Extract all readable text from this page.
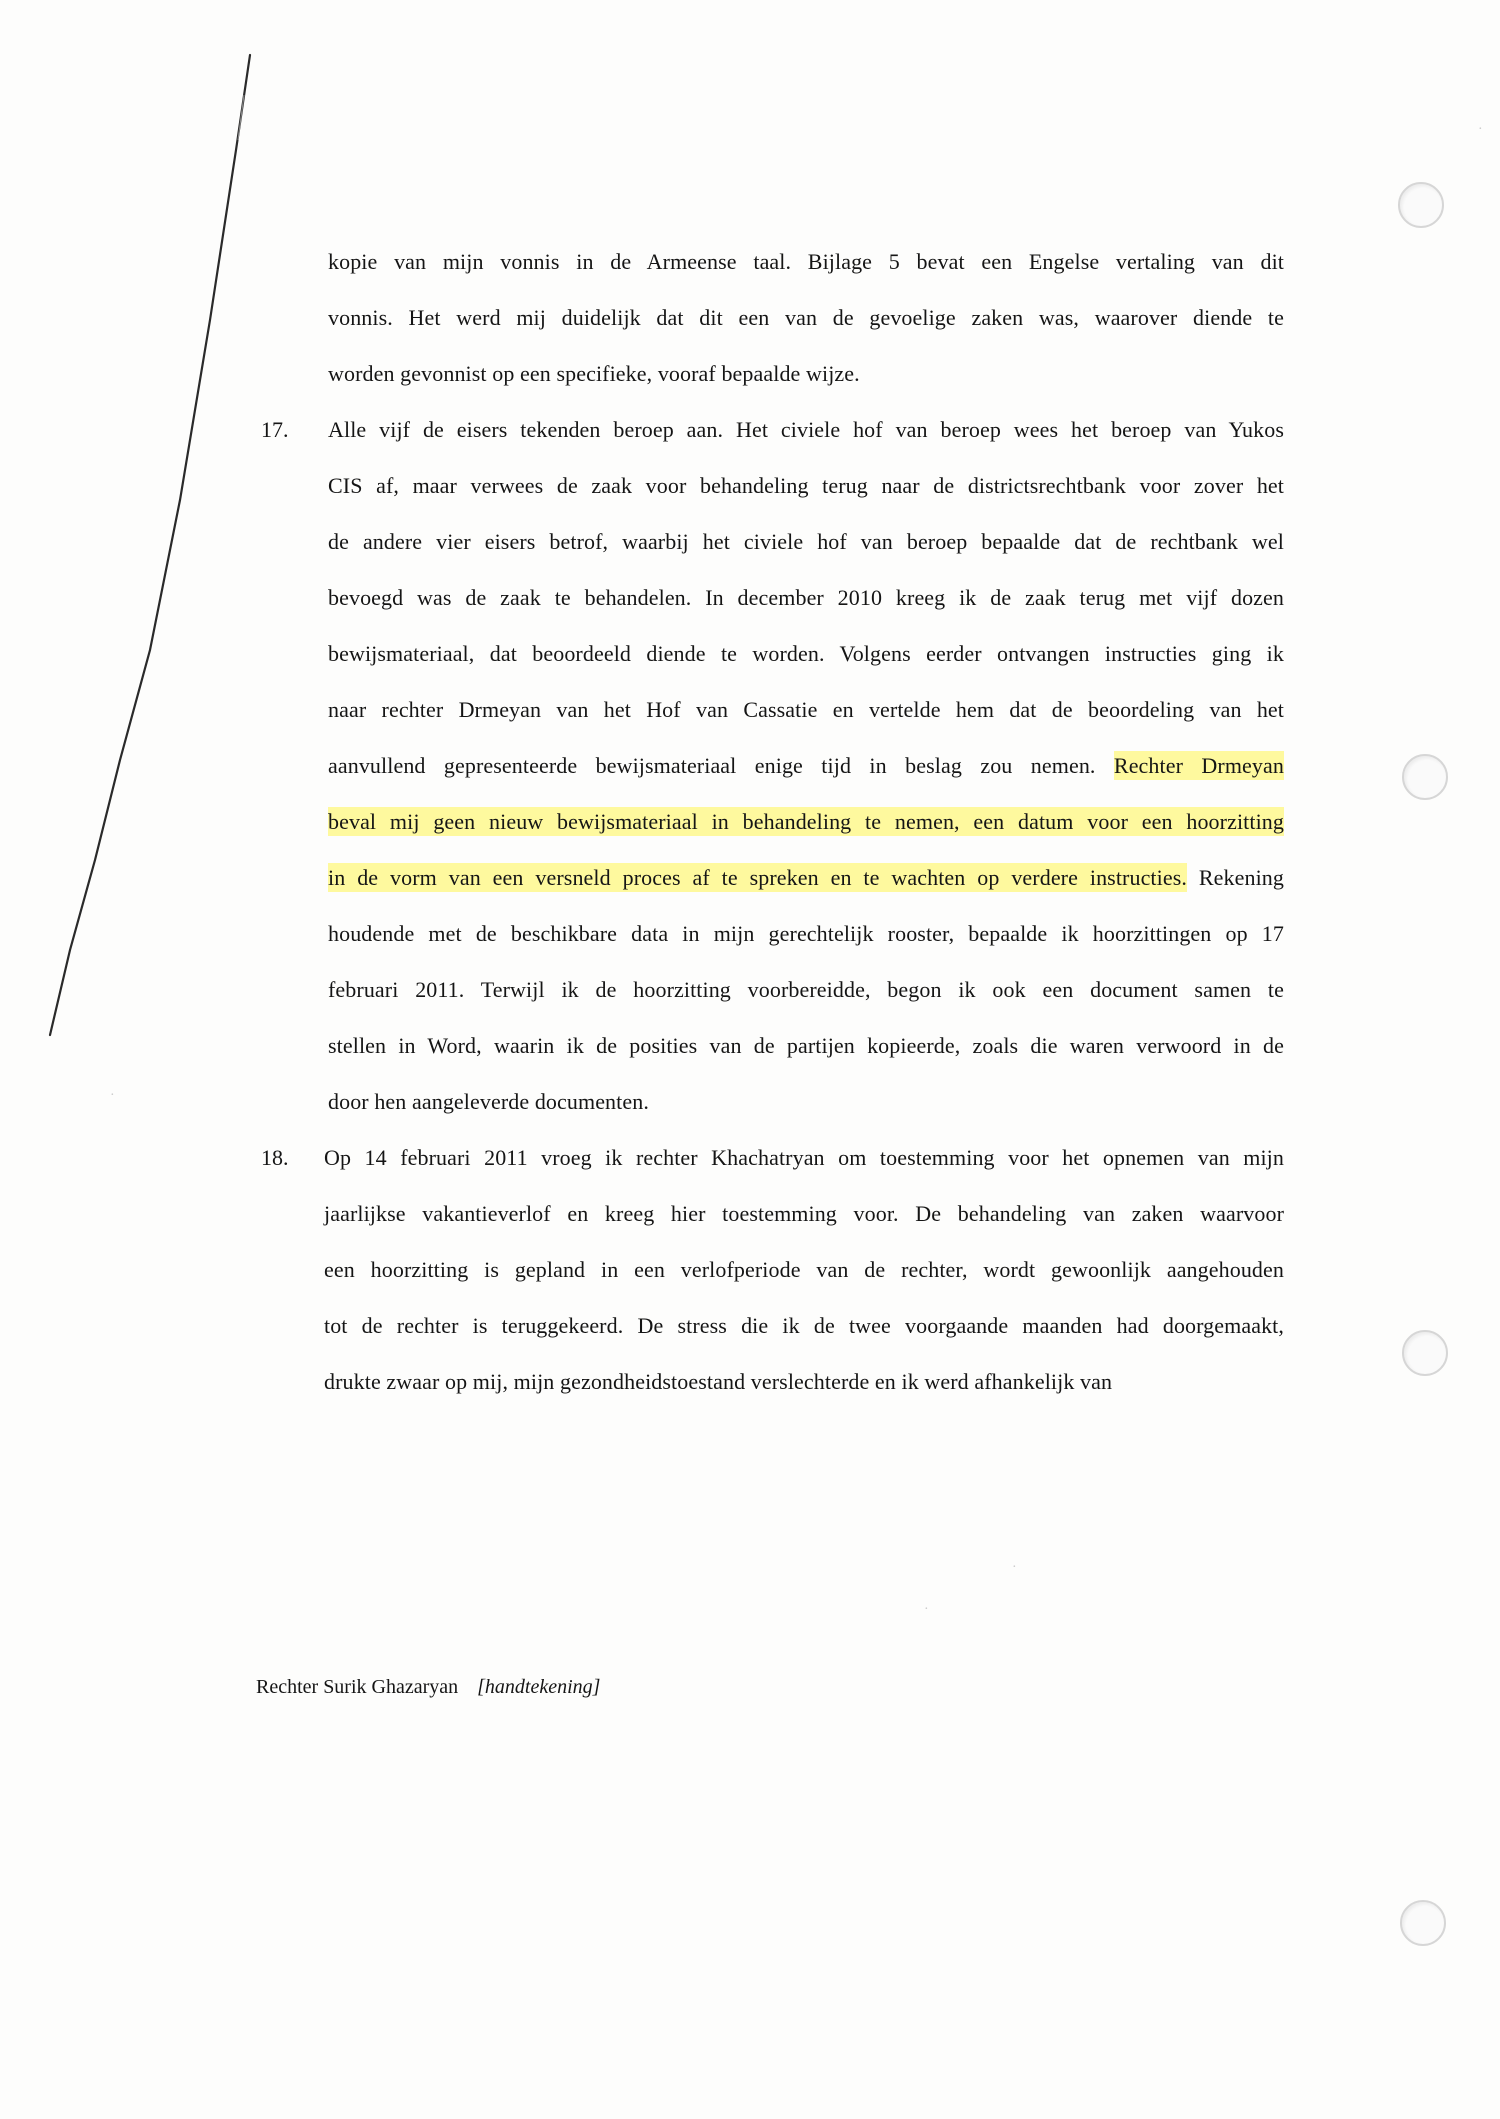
·
·
·
·
kopie van mijn vonnis in de Armeense taal. Bijlage 5 bevat een Engelse vertaling van dit
vonnis. Het werd mij duidelijk dat dit een van de gevoelige zaken was, waarover diende te
worden gevonnist op een specifieke, vooraf bepaalde wijze.
17. Alle vijf de eisers tekenden beroep aan. Het civiele hof van beroep wees het beroep van Yukos
CIS af, maar verwees de zaak voor behandeling terug naar de districtsrechtbank voor zover het
de andere vier eisers betrof, waarbij het civiele hof van beroep bepaalde dat de rechtbank wel
bevoegd was de zaak te behandelen. In december 2010 kreeg ik de zaak terug met vijf dozen
bewijsmateriaal, dat beoordeeld diende te worden. Volgens eerder ontvangen instructies ging ik
naar rechter Drmeyan van het Hof van Cassatie en vertelde hem dat de beoordeling van het
aanvullend gepresenteerde bewijsmateriaal enige tijd in beslag zou nemen. Rechter Drmeyan
beval mij geen nieuw bewijsmateriaal in behandeling te nemen, een datum voor een hoorzitting
in de vorm van een versneld proces af te spreken en te wachten op verdere instructies. Rekening
houdende met de beschikbare data in mijn gerechtelijk rooster, bepaalde ik hoorzittingen op 17
februari 2011. Terwijl ik de hoorzitting voorbereidde, begon ik ook een document samen te
stellen in Word, waarin ik de posities van de partijen kopieerde, zoals die waren verwoord in de
door hen aangeleverde documenten.
18. Op 14 februari 2011 vroeg ik rechter Khachatryan om toestemming voor het opnemen van mijn
jaarlijkse vakantieverlof en kreeg hier toestemming voor. De behandeling van zaken waarvoor
een hoorzitting is gepland in een verlofperiode van de rechter, wordt gewoonlijk aangehouden
tot de rechter is teruggekeerd. De stress die ik de twee voorgaande maanden had doorgemaakt,
drukte zwaar op mij, mijn gezondheidstoestand verslechterde en ik werd afhankelijk van
Rechter Surik Ghazaryan [handtekening]
